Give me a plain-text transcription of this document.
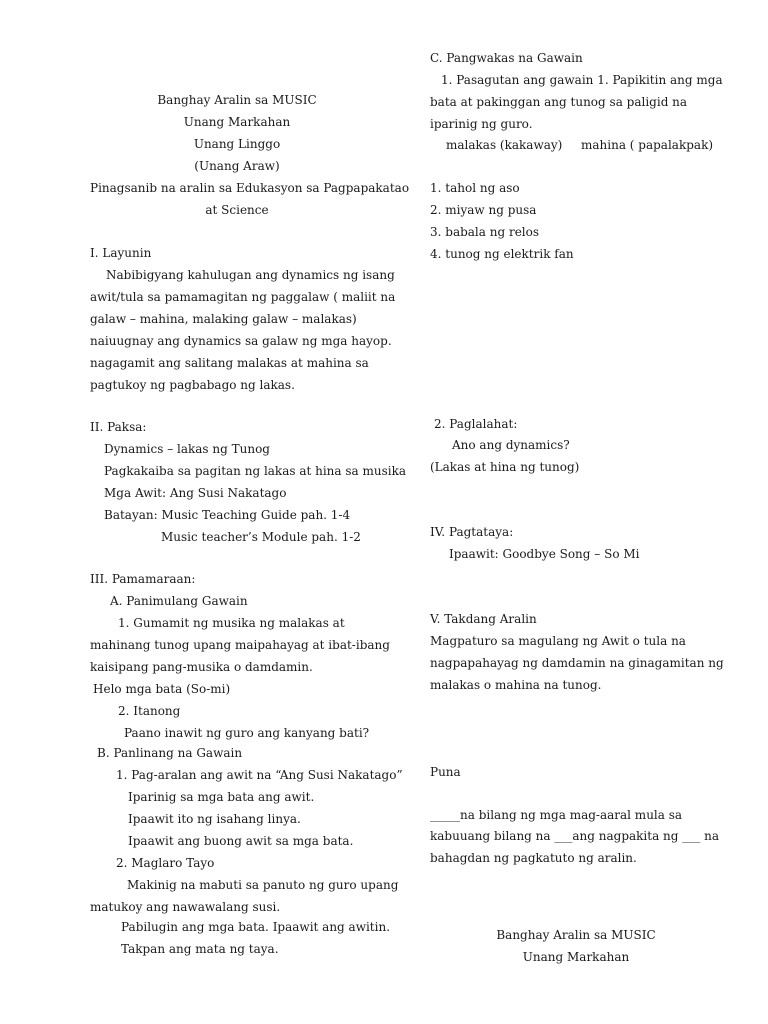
Banghay Aralin sa MUSIC
Unang Markahan
Unang Linggo
(Unang Araw)
Pinagsanib na aralin sa Edukasyon sa Pagpapakatao
at Science
I. Layunin
Nabibigyang kahulugan ang dynamics ng isang
awit/tula sa pamamagitan ng paggalaw ( maliit na
galaw – mahina, malaking galaw – malakas)
naiuugnay ang dynamics sa galaw ng mga hayop.
nagagamit ang salitang malakas at mahina sa
pagtukoy ng pagbabago ng lakas.
II. Paksa:
Dynamics – lakas ng Tunog
Pagkakaiba sa pagitan ng lakas at hina sa musika
Mga Awit: Ang Susi Nakatago
Batayan: Music Teaching Guide pah. 1-4
Music teacher’s Module pah. 1-2
III. Pamamaraan:
A. Panimulang Gawain
1. Gumamit ng musika ng malakas at
mahinang tunog upang maipahayag at ibat-ibang
kaisipang pang-musika o damdamin.
Helo mga bata (So-mi)
2. Itanong
Paano inawit ng guro ang kanyang bati?
B. Panlinang na Gawain
1. Pag-aralan ang awit na “Ang Susi Nakatago”
Iparinig sa mga bata ang awit.
Ipaawit ito ng isahang linya.
Ipaawit ang buong awit sa mga bata.
2. Maglaro Tayo
Makinig na mabuti sa panuto ng guro upang
matukoy ang nawawalang susi.
Pabilugin ang mga bata. Ipaawit ang awitin.
Takpan ang mata ng taya.
C. Pangwakas na Gawain
1. Pasagutan ang gawain 1. Papikitin ang mga
bata at pakinggan ang tunog sa paligid na
iparinig ng guro.
malakas (kakaway) mahina ( papalakpak)
1. tahol ng aso
2. miyaw ng pusa
3. babala ng relos
4. tunog ng elektrik fan
2. Paglalahat:
Ano ang dynamics?
(Lakas at hina ng tunog)
IV. Pagtataya:
Ipaawit: Goodbye Song – So Mi
V. Takdang Aralin
Magpaturo sa magulang ng Awit o tula na
nagpapahayag ng damdamin na ginagamitan ng
malakas o mahina na tunog.
Puna
_____na bilang ng mga mag-aaral mula sa
kabuuang bilang na ___ang nagpakita ng ___ na
bahagdan ng pagkatuto ng aralin.
Banghay Aralin sa MUSIC
Unang Markahan
